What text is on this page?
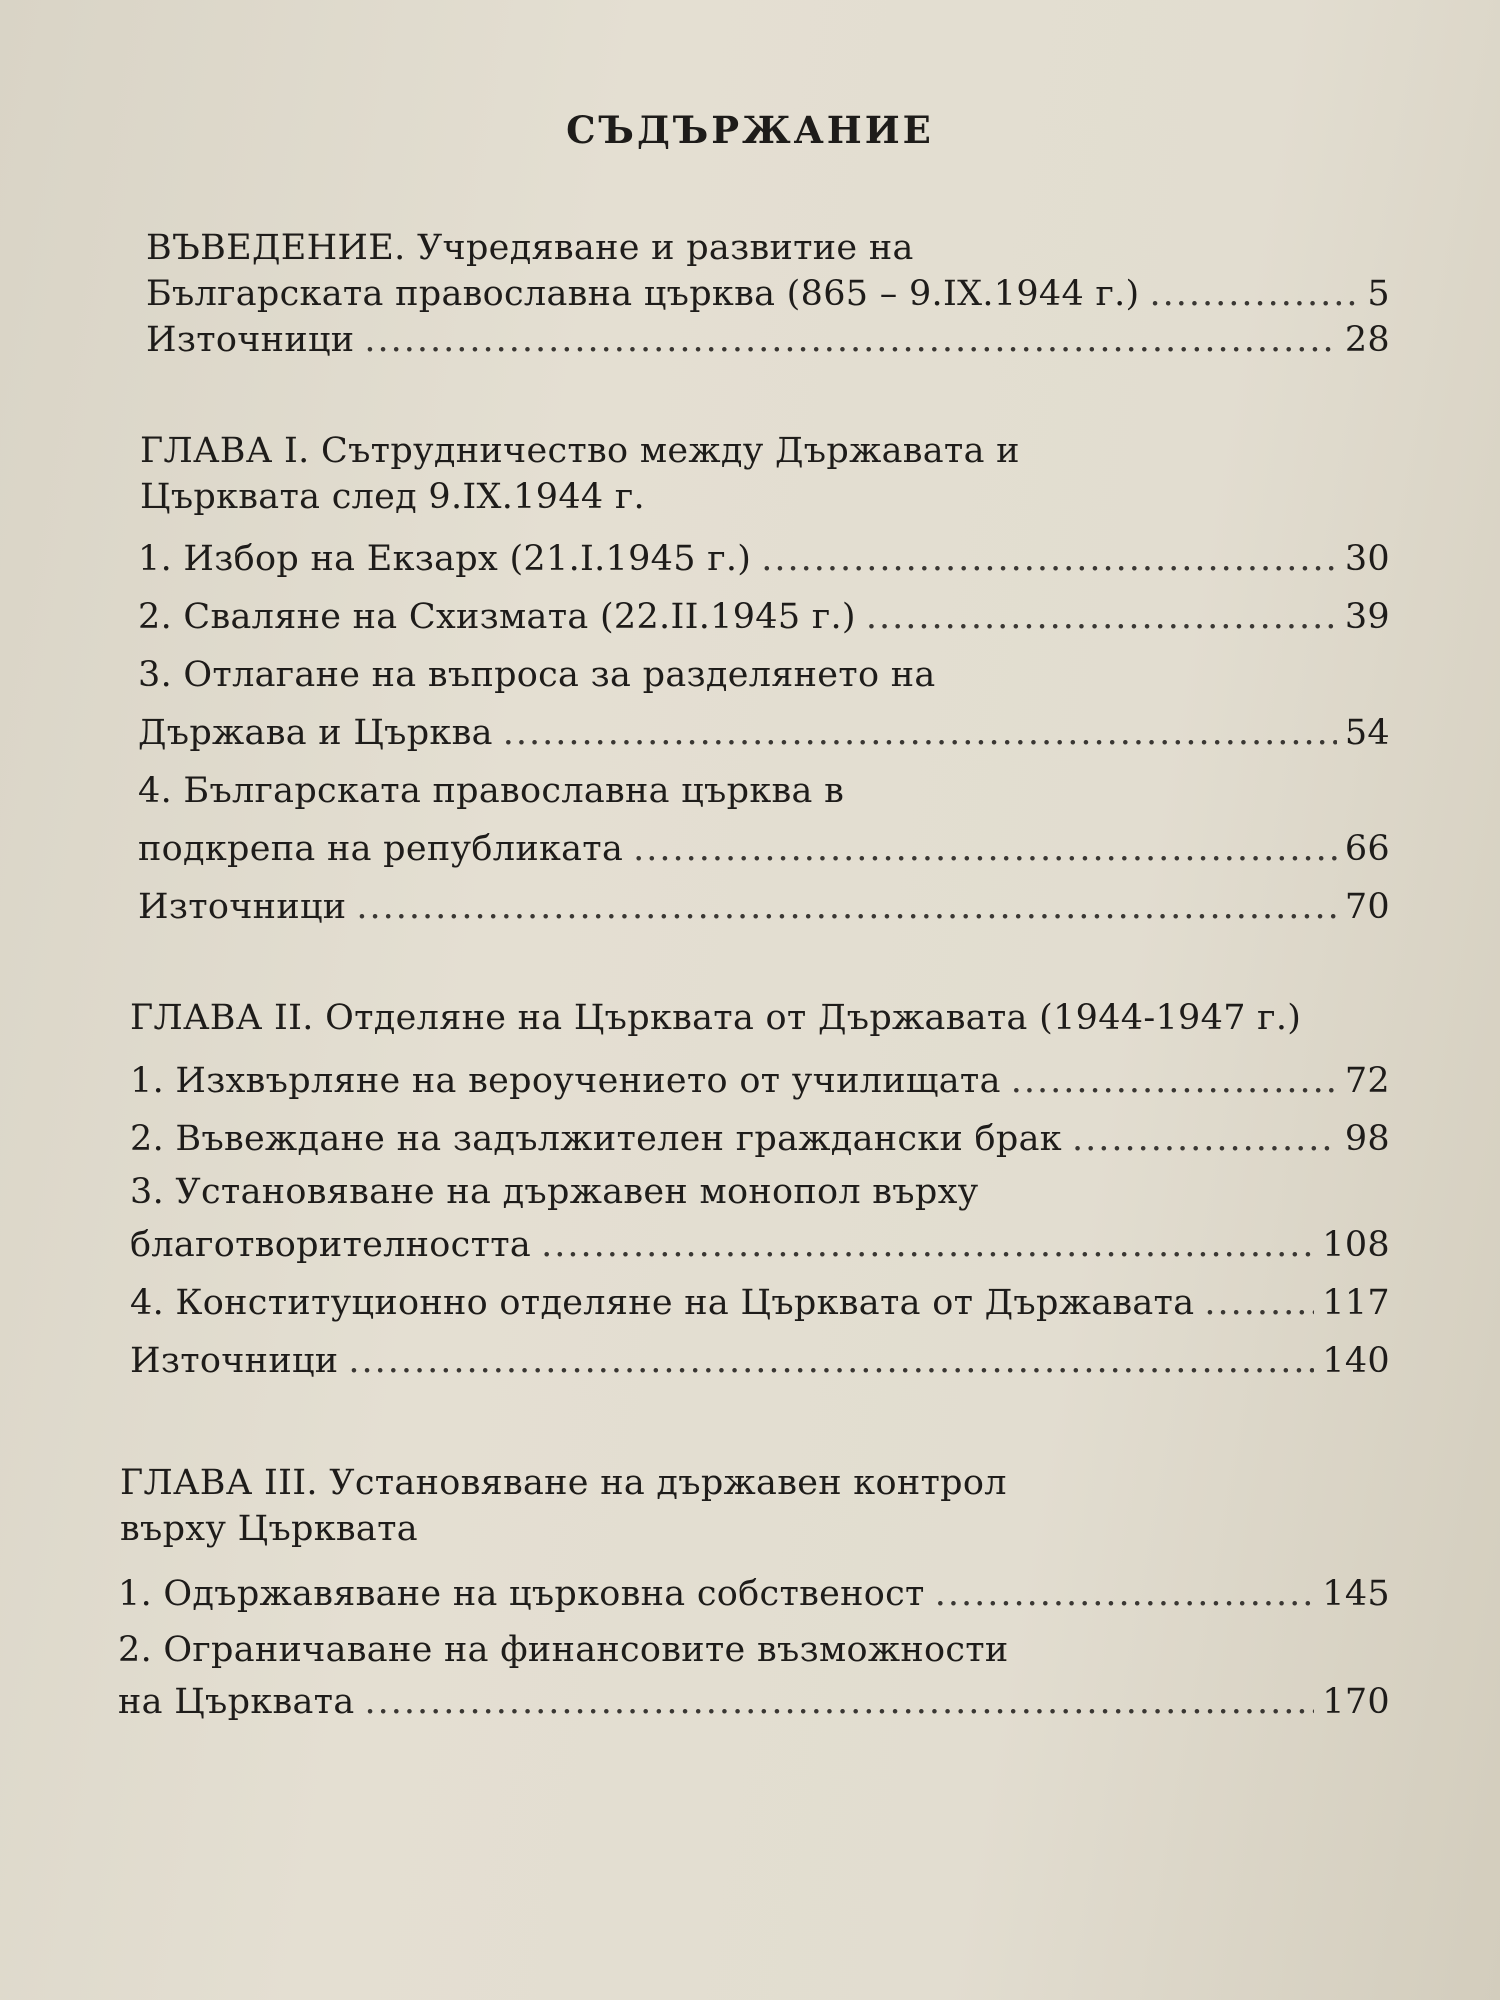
СЪДЪРЖАНИЕ
ВЪВЕДЕНИЕ. Учредяване и развитие на
Българската православна църква (865 – 9.IX.1944 г.) .....	5
Източници .....	28
ГЛАВА I. Сътрудничество между Държавата и
Църквата след 9.IX.1944 г.
1. Избор на Екзарх (21.I.1945 г.) .....	30
2. Сваляне на Схизмата (22.II.1945 г.) .....	39
3. Отлагане на въпроса за разделянето на
Държава и Църква .....	54
4. Българската православна църква в
подкрепа на републиката .....	66
Източници .....	70
ГЛАВА II. Отделяне на Църквата от Държавата (1944-1947 г.)
1. Изхвърляне на вероучението от училищата .....	72
2. Въвеждане на задължителен граждански брак .....	98
3. Установяване на държавен монопол върху
благотворителността .....	108
4. Конституционно отделяне на Църквата от Държавата .....	117
Източници .....	140
ГЛАВА III. Установяване на държавен контрол
върху Църквата
1. Одържавяване на църковна собственост .....	145
2. Ограничаване на финансовите възможности
на Църквата .....	170
